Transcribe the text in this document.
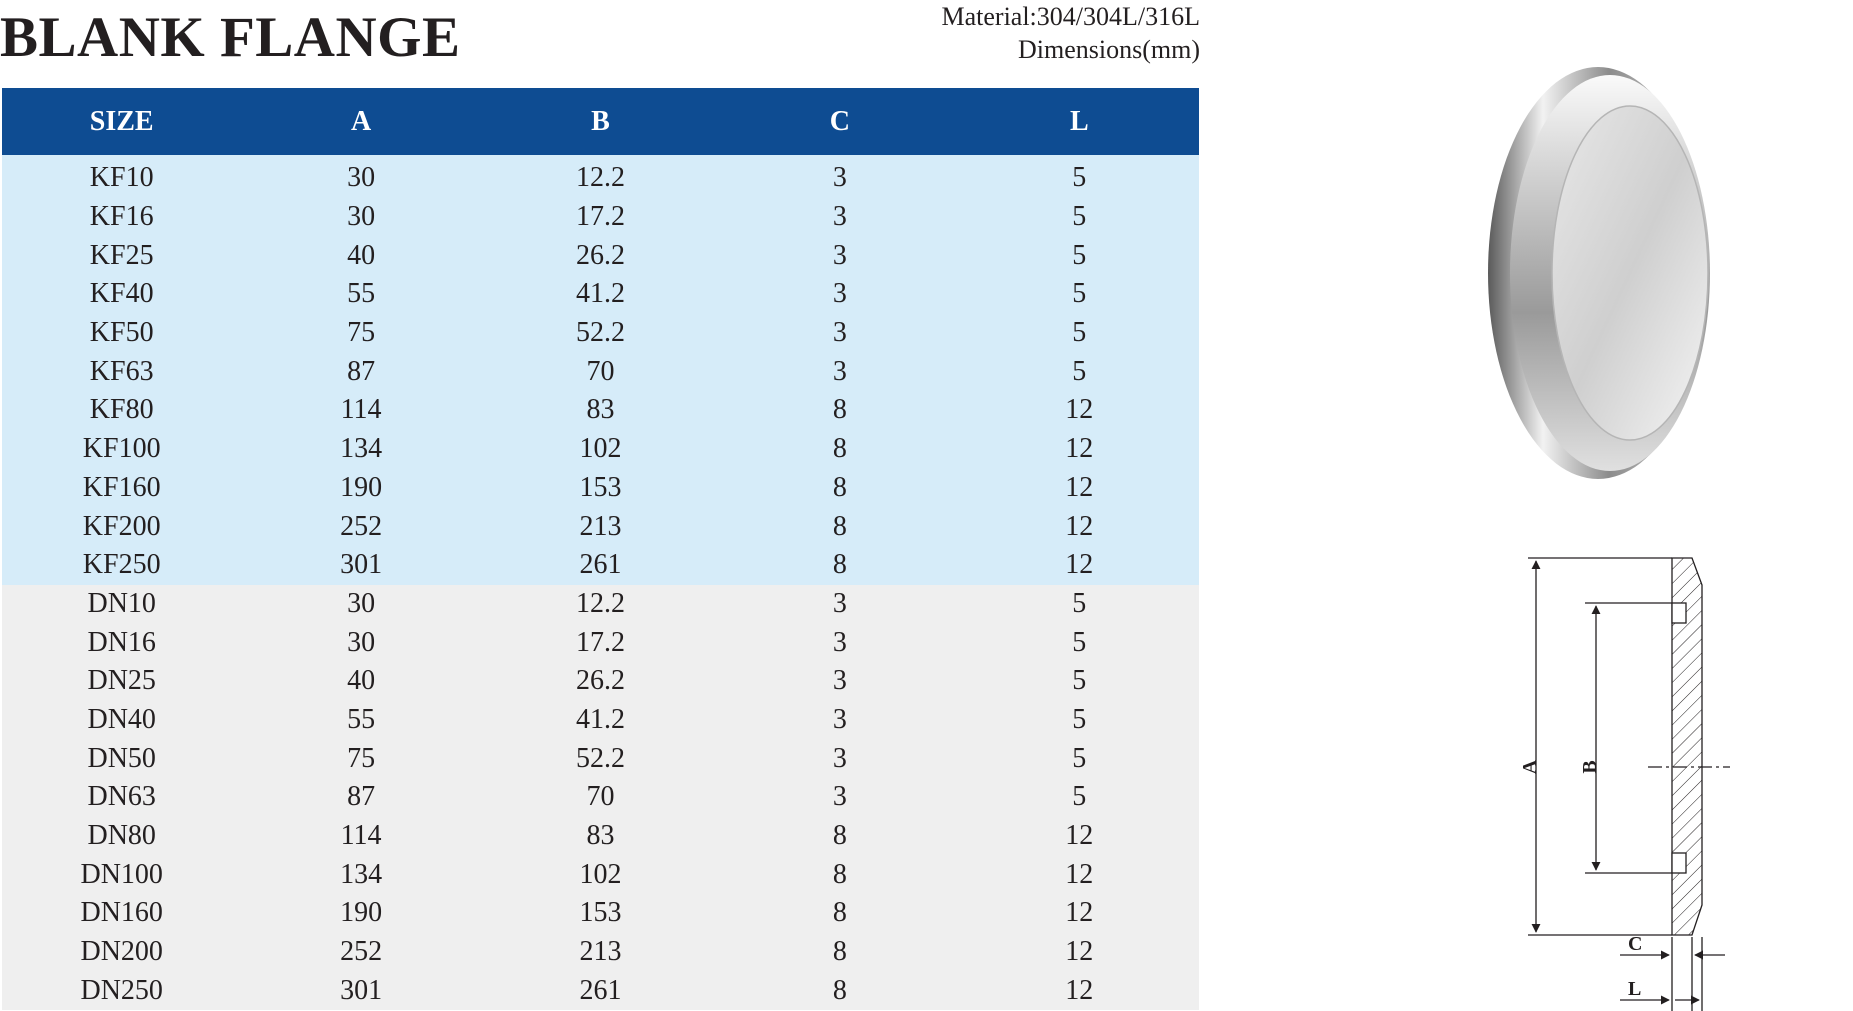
BLANK FLANGE	Material:304/304L/316L
Dimensions(mm)
SIZE	A	B	C	L
KF10	30	12.2	3	5
KF16	30	17.2	3	5
KF25	40	26.2	3	5
KF40	55	41.2	3	5
KF50	75	52.2	3	5
KF63	87	70	3	5
KF80	114	83	8	12
KF100	134	102	8	12
KF160	190	153	8	12
KF200	252	213	8	12
KF250	301	261	8	12
DN10	30	12.2	3	5
DN16	30	17.2	3	5
DN25	40	26.2	3	5
DN40	55	41.2	3	5
DN50	75	52.2	3	5
DN63	87	70	3	5
DN80	114	83	8	12
DN100	134	102	8	12
DN160	190	153	8	12
DN200	252	213	8	12
DN250	301	261	8	12
A B
C
L
